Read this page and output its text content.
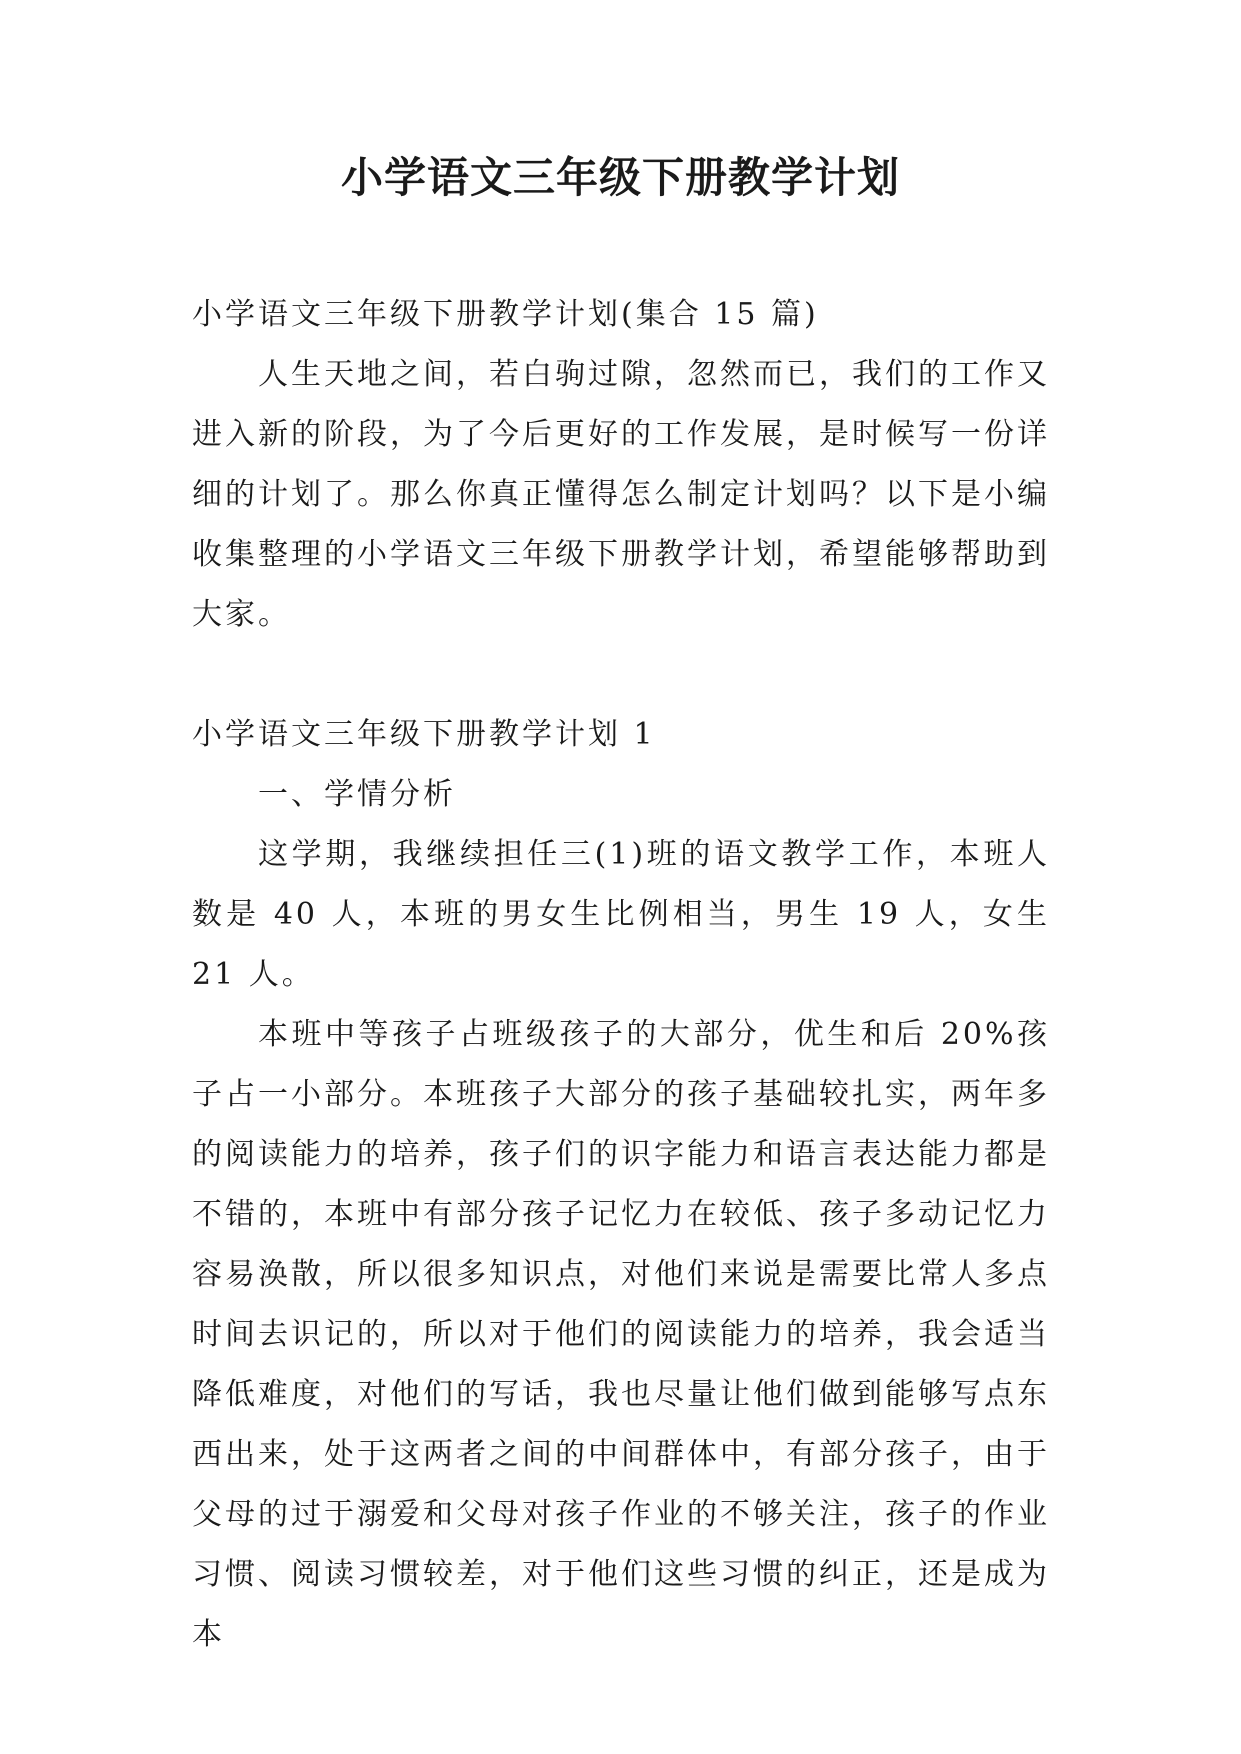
小学语文三年级下册教学计划

小学语文三年级下册教学计划(集合 15 篇)

人生天地之间，若白驹过隙，忽然而已，我们的工作又进入新的阶段，为了今后更好的工作发展，是时候写一份详细的计划了。那么你真正懂得怎么制定计划吗？以下是小编收集整理的小学语文三年级下册教学计划，希望能够帮助到大家。

小学语文三年级下册教学计划 1

一、学情分析

这学期，我继续担任三(1)班的语文教学工作，本班人数是 40 人，本班的男女生比例相当，男生 19 人，女生 21 人。

本班中等孩子占班级孩子的大部分，优生和后 20%孩子占一小部分。本班孩子大部分的孩子基础较扎实，两年多的阅读能力的培养，孩子们的识字能力和语言表达能力都是不错的，本班中有部分孩子记忆力在较低、孩子多动记忆力容易涣散，所以很多知识点，对他们来说是需要比常人多点时间去识记的，所以对于他们的阅读能力的培养，我会适当降低难度，对他们的写话，我也尽量让他们做到能够写点东西出来，处于这两者之间的中间群体中，有部分孩子，由于父母的过于溺爱和父母对孩子作业的不够关注，孩子的作业习惯、阅读习惯较差，对于他们这些习惯的纠正，还是成为本
